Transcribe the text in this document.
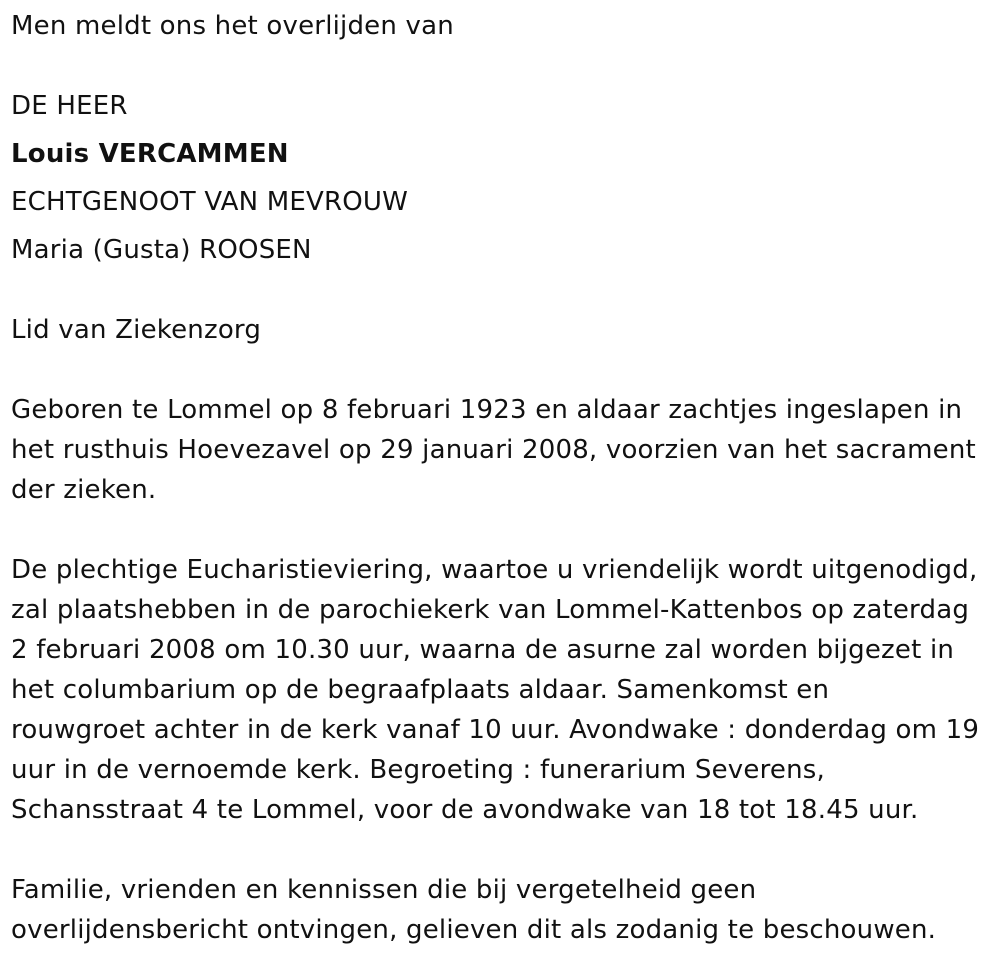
Men meldt ons het overlijden van
DE HEER
Louis VERCAMMEN
ECHTGENOOT VAN MEVROUW
Maria (Gusta) ROOSEN
Lid van Ziekenzorg
Geboren te Lommel op 8 februari 1923 en aldaar zachtjes ingeslapen in
het rusthuis Hoevezavel op 29 januari 2008, voorzien van het sacrament
der zieken.
De plechtige Eucharistieviering, waartoe u vriendelijk wordt uitgenodigd,
zal plaatshebben in de parochiekerk van Lommel-Kattenbos op zaterdag
2 februari 2008 om 10.30 uur, waarna de asurne zal worden bijgezet in
het columbarium op de begraafplaats aldaar. Samenkomst en
rouwgroet achter in de kerk vanaf 10 uur. Avondwake : donderdag om 19
uur in de vernoemde kerk. Begroeting : funerarium Severens,
Schansstraat 4 te Lommel, voor de avondwake van 18 tot 18.45 uur.
Familie, vrienden en kennissen die bij vergetelheid geen
overlijdensbericht ontvingen, gelieven dit als zodanig te beschouwen.
